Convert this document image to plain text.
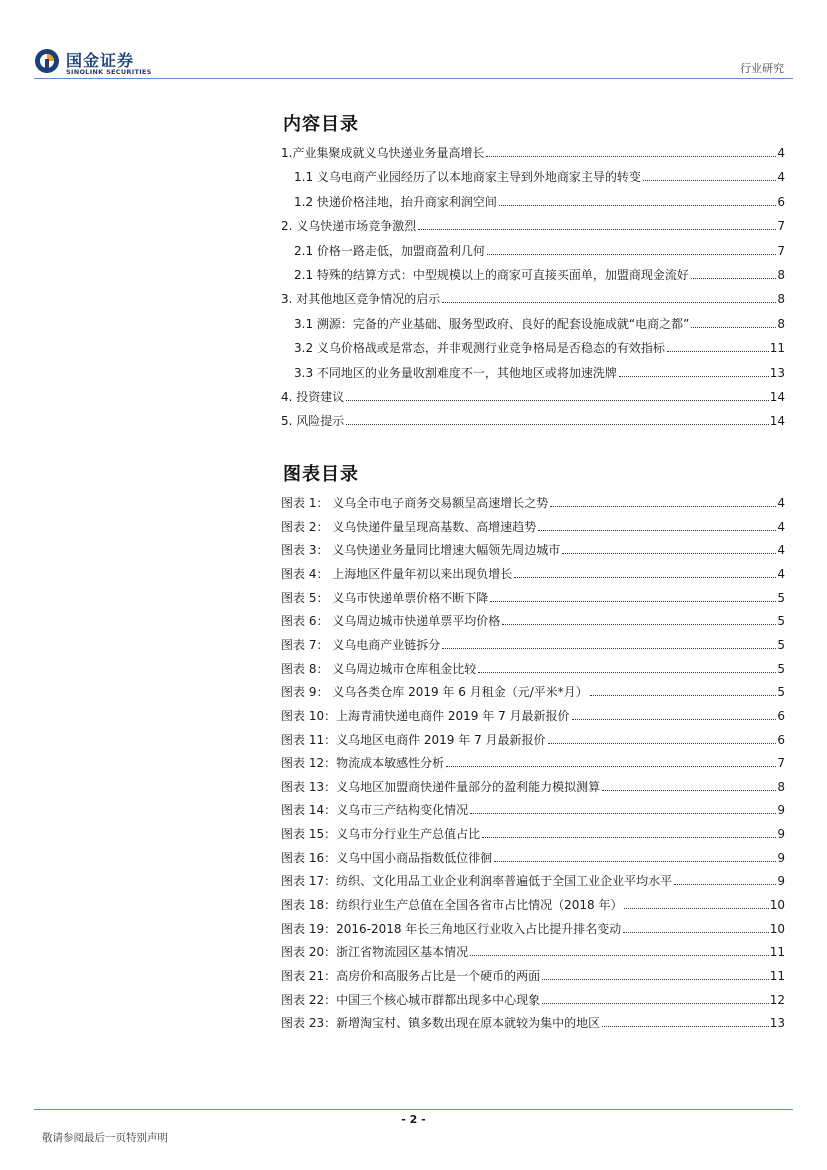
国金证券
SINOLINK SECURITIES	行业研究
内容目录
1.产业集聚成就义乌快递业务量高增长	4
1.1 义乌电商产业园经历了以本地商家主导到外地商家主导的转变	4
1.2 快递价格洼地，抬升商家利润空间	6
2. 义乌快递市场竞争激烈	7
2.1 价格一路走低，加盟商盈利几何	7
2.1 特殊的结算方式：中型规模以上的商家可直接买面单，加盟商现金流好	8
3. 对其他地区竞争情况的启示	8
3.1 溯源：完备的产业基础、服务型政府、良好的配套设施成就“电商之都”	8
3.2 义乌价格战或是常态，并非观测行业竞争格局是否稳态的有效指标	11
3.3 不同地区的业务量收割难度不一，其他地区或将加速洗牌	13
4. 投资建议	14
5. 风险提示	14
图表目录
图表 1： 义乌全市电子商务交易额呈高速增长之势	4
图表 2： 义乌快递件量呈现高基数、高增速趋势	4
图表 3： 义乌快递业务量同比增速大幅领先周边城市	4
图表 4： 上海地区件量年初以来出现负增长	4
图表 5： 义乌市快递单票价格不断下降	5
图表 6： 义乌周边城市快递单票平均价格	5
图表 7： 义乌电商产业链拆分	5
图表 8： 义乌周边城市仓库租金比较	5
图表 9： 义乌各类仓库 2019 年 6 月租金（元/平米*月）	5
图表 10：上海青浦快递电商件 2019 年 7 月最新报价	6
图表 11：义乌地区电商件 2019 年 7 月最新报价	6
图表 12：物流成本敏感性分析	7
图表 13：义乌地区加盟商快递件量部分的盈利能力模拟测算	8
图表 14：义乌市三产结构变化情况	9
图表 15：义乌市分行业生产总值占比	9
图表 16：义乌中国小商品指数低位徘徊	9
图表 17：纺织、文化用品工业企业利润率普遍低于全国工业企业平均水平	9
图表 18：纺织行业生产总值在全国各省市占比情况（2018 年）	10
图表 19：2016-2018 年长三角地区行业收入占比提升排名变动	10
图表 20：浙江省物流园区基本情况	11
图表 21：高房价和高服务占比是一个硬币的两面	11
图表 22：中国三个核心城市群都出现多中心现象	12
图表 23：新增淘宝村、镇多数出现在原本就较为集中的地区	13
- 2 -
敬请参阅最后一页特别声明
